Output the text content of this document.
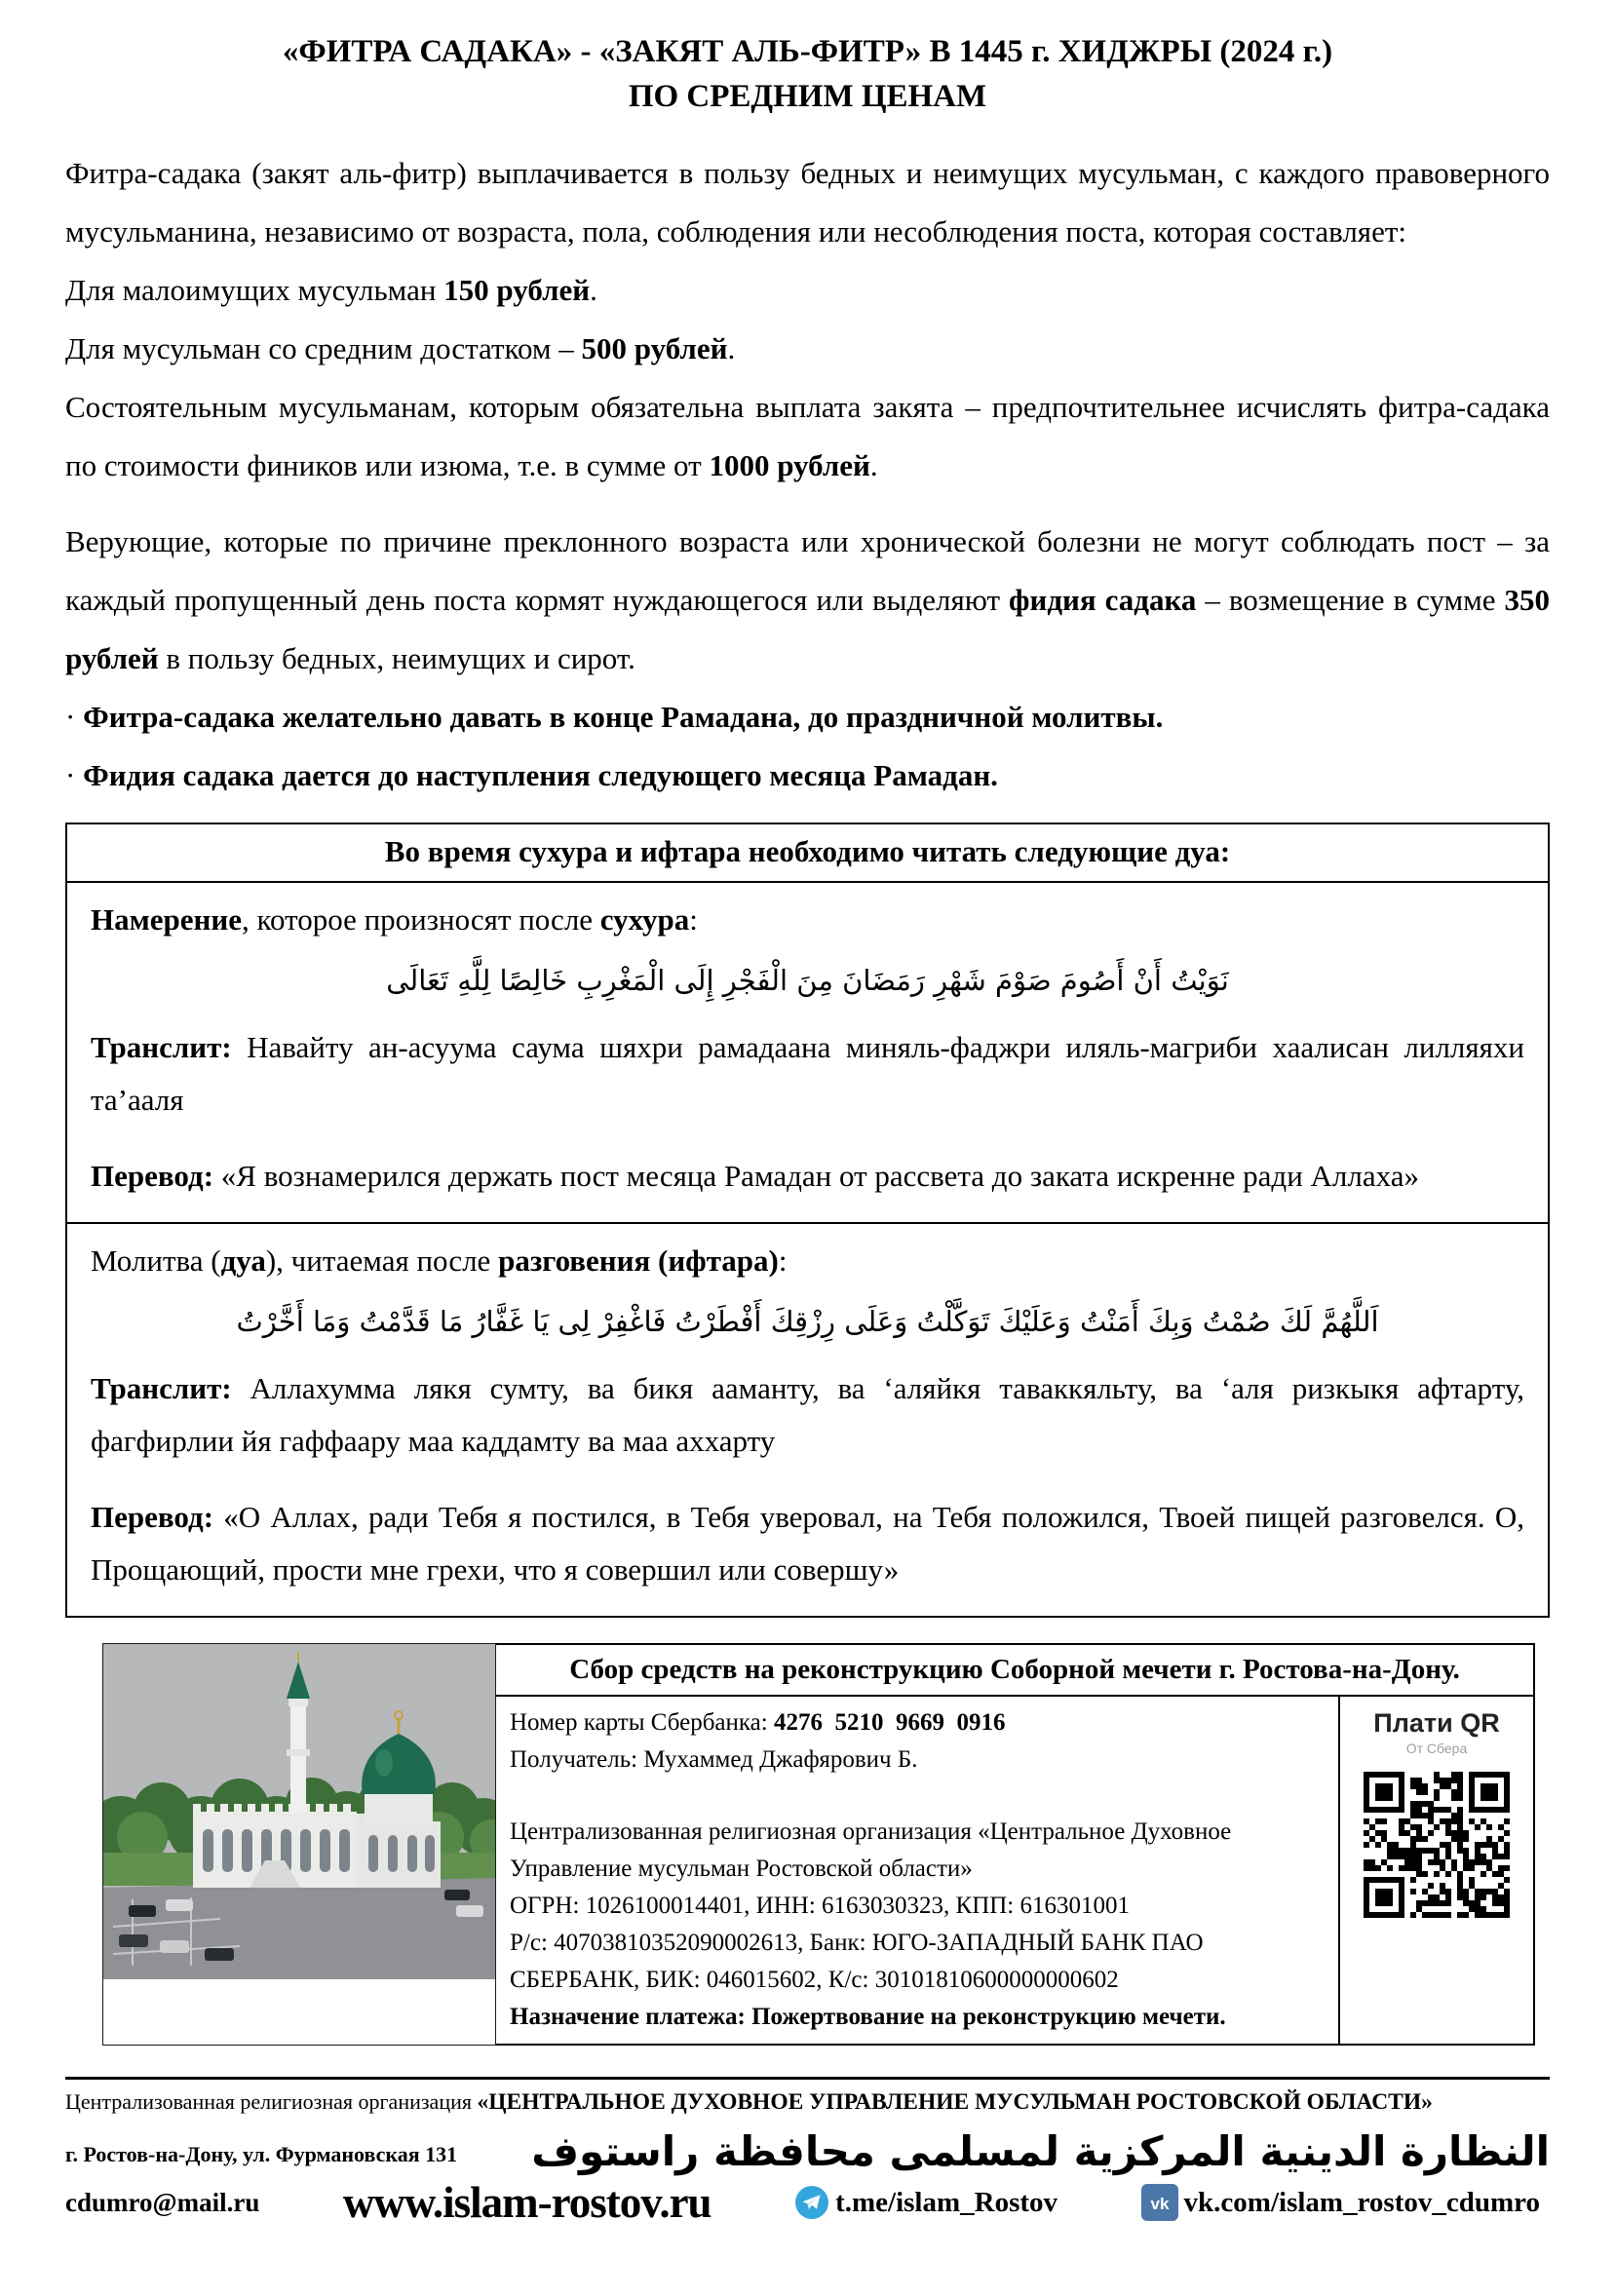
«ФИТРА САДАКА» - «ЗАКЯТ АЛЬ-ФИТР» В 1445 г. ХИДЖРЫ (2024 г.)
ПО СРЕДНИМ ЦЕНАМ

Фитра-садака (закят аль-фитр) выплачивается в пользу бедных и неимущих мусульман, с каждого правоверного мусульманина, независимо от возраста, пола, соблюдения или несоблюдения поста, которая составляет:

Для малоимущих мусульман 150 рублей.

Для мусульман со средним достатком – 500 рублей.

Состоятельным мусульманам, которым обязательна выплата закята – предпочтительнее исчислять фитра-садака по стоимости фиников или изюма, т.е. в сумме от 1000 рублей.

Верующие, которые по причине преклонного возраста или хронической болезни не могут соблюдать пост – за каждый пропущенный день поста кормят нуждающегося или выделяют фидия садака – возмещение в сумме 350 рублей в пользу бедных, неимущих и сирот.

· Фитра-садака желательно давать в конце Рамадана, до праздничной молитвы.

· Фидия садака дается до наступления следующего месяца Рамадан.

Во время сухура и ифтара необходимо читать следующие дуа:

Намерение, которое произносят после сухура:

نَوَيْتُ أَنْ أَصُومَ صَوْمَ شَهْرِ رَمَضَانَ مِنَ الْفَجْرِ إِلَى الْمَغْرِبِ خَالِصًا لِلَّهِ تَعَالَى

Транслит: Навайту ан-асуума саума шяхри рамадаана миняль-фаджри иляль-магриби хаалисан лилляяхи та’ааля

Перевод: «Я вознамерился держать пост месяца Рамадан от рассвета до заката искренне ради Аллаха»

Молитва (дуа), читаемая после разговения (ифтара):

اَللَّهُمَّ لَكَ صُمْتُ وَبِكَ أَمَنْتُ وَعَلَيْكَ تَوَكَّلْتُ وَعَلَى رِزْقِكَ أَفْطَرْتُ فَاغْفِرْ لِى يَا غَفَّارُ مَا قَدَّمْتُ وَمَا أَخَّرْتُ

Транслит: Аллахумма лякя сумту, ва бикя ааманту, ва ‘аляйкя таваккяльту, ва ‘аля ризкыкя афтарту, фагфирлии йя гаффаару маа каддамту ва маа аххарту

Перевод: «О Аллах, ради Тебя я постился, в Тебя уверовал, на Тебя положился, Твоей пищей разговелся. О, Прощающий, прости мне грехи, что я совершил или совершу»

Сбор средств на реконструкцию Соборной мечети г. Ростова-на-Дону.

Номер карты Сбербанка: 4276  5210  9669  0916

Получатель: Мухаммед Джафярович Б.

Централизованная религиозная организация «Центральное Духовное Управление мусульман Ростовской области»

ОГРН: 1026100014401, ИНН: 6163030323, КПП: 616301001

Р/с: 40703810352090002613, Банк: ЮГО-ЗАПАДНЫЙ БАНК ПАО СБЕРБАНК, БИК: 046015602, К/с: 30101810600000000602

Назначение платежа: Пожертвование на реконструкцию мечети.

Плати QR
От Сбера

Централизованная религиозная организация «ЦЕНТРАЛЬНОЕ ДУХОВНОЕ УПРАВЛЕНИЕ МУСУЛЬМАН РОСТОВСКОЙ ОБЛАСТИ»

г. Ростов-на-Дону, ул. Фурмановская 131 النظارة الدينية المركزية لمسلمى محافظة راستوف
cdumro@mail.ru www.islam-rostov.ru	t.me/islam_Rostov	vk vk.com/islam_rostov_cdumro
